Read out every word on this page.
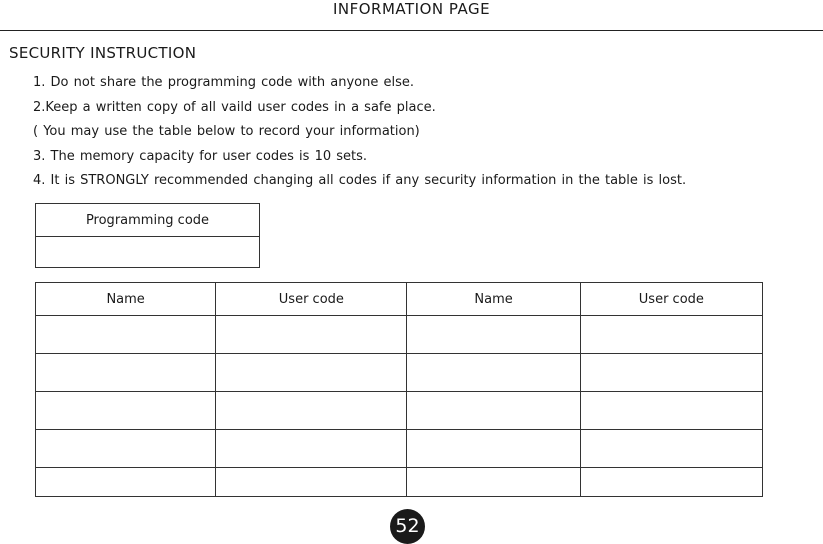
INFORMATION PAGE
SECURITY INSTRUCTION
1. Do not share the programming code with anyone else.
2.Keep a written copy of all vaild user codes in a safe place.
( You may use the table below to record your information)
3. The memory capacity for user codes is 10 sets.
4. It is STRONGLY recommended changing all codes if any security information in the table is lost.
Programming code

Name	User code	Name	User code

52
